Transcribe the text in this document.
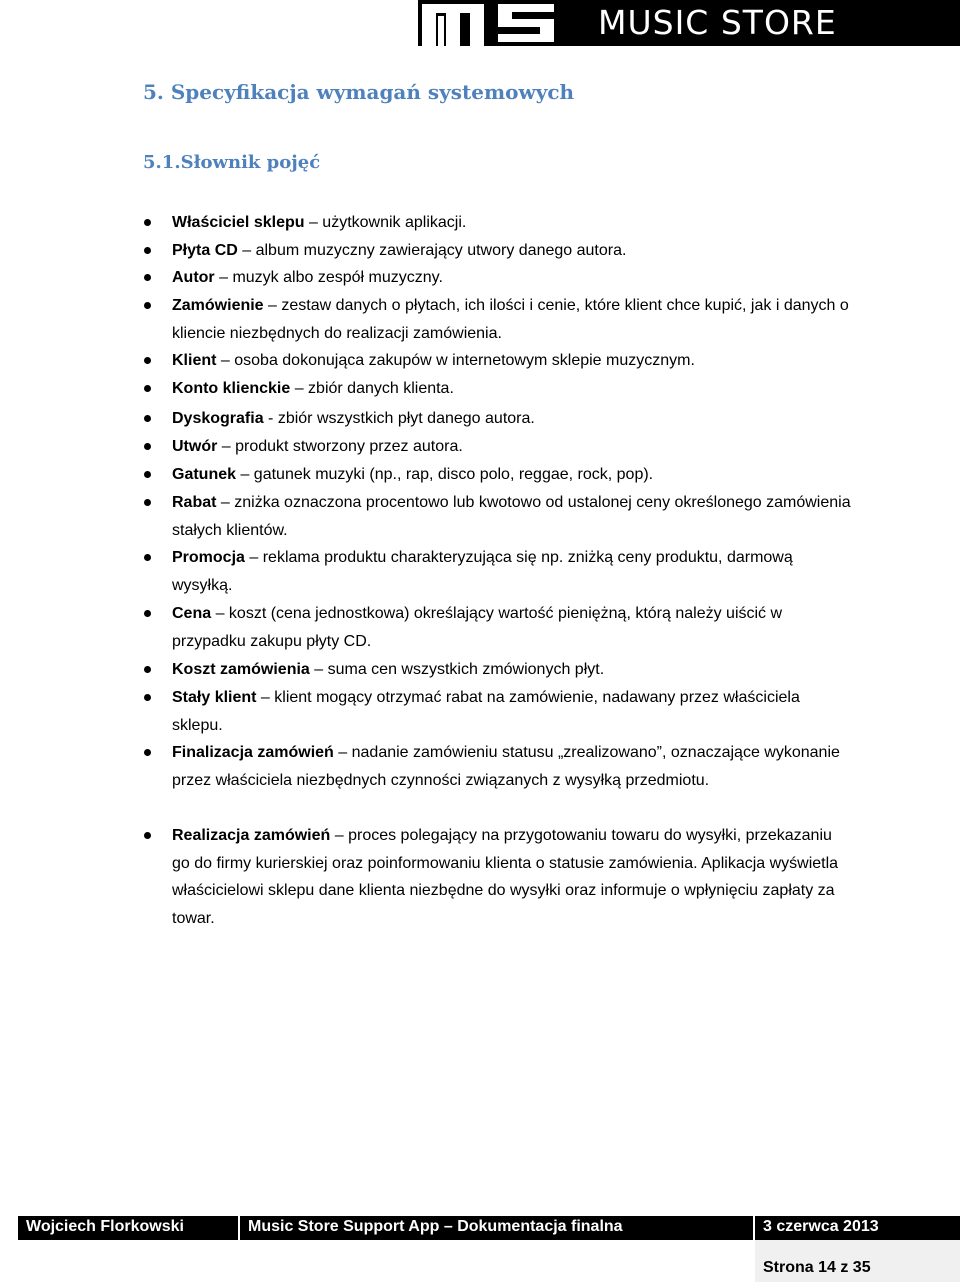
MUSIC STORE
5. Specyfikacja wymagań systemowych
5.1.Słownik pojęć
Właściciel sklepu – użytkownik aplikacji.
Płyta CD – album muzyczny zawierający utwory danego autora.
Autor – muzyk albo zespół muzyczny.
Zamówienie – zestaw danych o płytach, ich ilości i cenie, które klient chce kupić, jak i danych o kliencie niezbędnych do realizacji zamówienia.
Klient – osoba dokonująca zakupów w internetowym sklepie muzycznym.
Konto klienckie – zbiór danych klienta.
Dyskografia - zbiór wszystkich płyt danego autora.
Utwór – produkt stworzony przez autora.
Gatunek – gatunek muzyki (np., rap, disco polo, reggae, rock, pop).
Rabat – zniżka oznaczona procentowo lub kwotowo od ustalonej ceny określonego zamówienia stałych klientów.
Promocja – reklama produktu charakteryzująca się np. zniżką ceny produktu, darmową wysyłką.
Cena – koszt (cena jednostkowa) określający wartość pieniężną, którą należy uiścić w przypadku zakupu płyty CD.
Koszt zamówienia – suma cen wszystkich zmówionych płyt.
Stały klient – klient mogący otrzymać rabat na zamówienie, nadawany przez właściciela sklepu.
Finalizacja zamówień – nadanie zamówieniu statusu „zrealizowano”, oznaczające wykonanie przez właściciela niezbędnych czynności związanych z wysyłką przedmiotu.
Realizacja zamówień – proces polegający na przygotowaniu towaru do wysyłki, przekazaniu go do firmy kurierskiej oraz poinformowaniu klienta o statusie zamówienia. Aplikacja wyświetla właścicielowi sklepu dane klienta niezbędne do wysyłki oraz informuje o wpłynięciu zapłaty za towar.
Wojciech Florkowski	Music Store Support App – Dokumentacja finalna	3 czerwca 2013
Strona 14 z 35
